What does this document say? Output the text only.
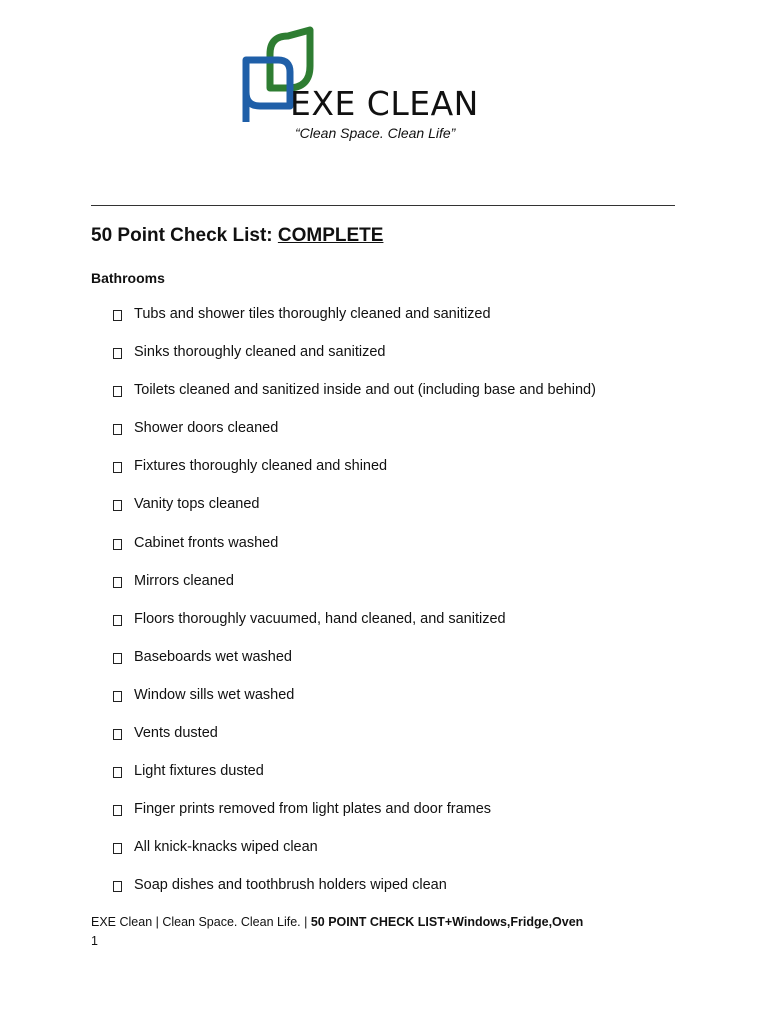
EXE CLEAN
“Clean Space. Clean Life”
50 Point Check List: COMPLETE
Bathrooms
Tubs and shower tiles thoroughly cleaned and sanitized
Sinks thoroughly cleaned and sanitized
Toilets cleaned and sanitized inside and out (including base and behind)
Shower doors cleaned
Fixtures thoroughly cleaned and shined
Vanity tops cleaned
Cabinet fronts washed
Mirrors cleaned
Floors thoroughly vacuumed, hand cleaned, and sanitized
Baseboards wet washed
Window sills wet washed
Vents dusted
Light fixtures dusted
Finger prints removed from light plates and door frames
All knick-knacks wiped clean
Soap dishes and toothbrush holders wiped clean
EXE Clean | Clean Space. Clean Life. | 50 POINT CHECK LIST+Windows,Fridge,Oven
1
